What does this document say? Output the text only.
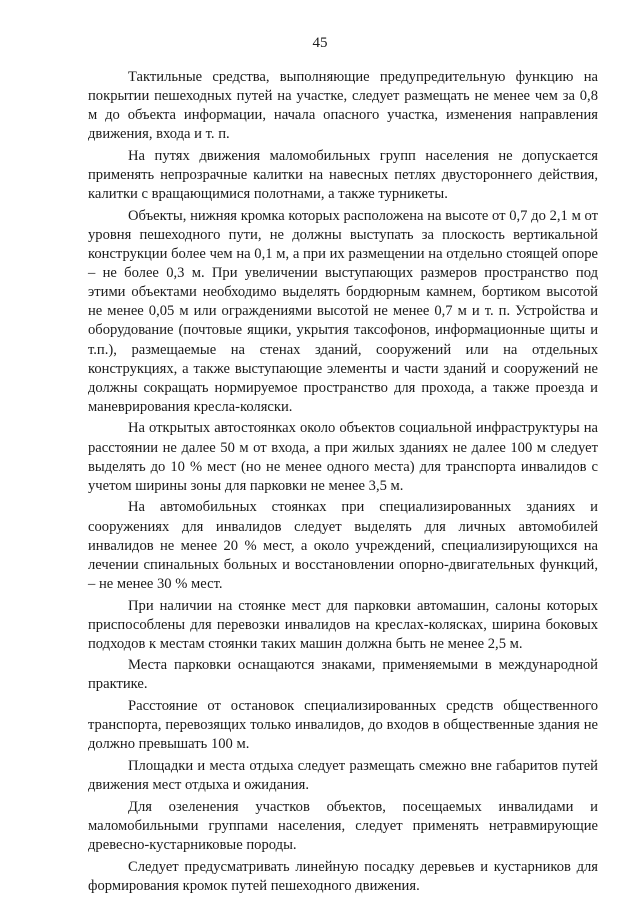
45

Тактильные средства, выполняющие предупредительную функцию на покрытии пешеходных путей на участке, следует размещать не менее чем за 0,8 м до объекта информации, начала опасного участка, изменения направления движения, входа и т. п.

На путях движения маломобильных групп населения не допускается применять непрозрачные калитки на навесных петлях двустороннего действия, калитки с вращающимися полотнами, а также турникеты.

Объекты, нижняя кромка которых расположена на высоте от 0,7 до 2,1 м от уровня пешеходного пути, не должны выступать за плоскость вертикальной конструкции более чем на 0,1 м, а при их размещении на отдельно стоящей опоре – не более 0,3 м. При увеличении выступающих размеров пространство под этими объектами необходимо выделять бордюрным камнем, бортиком высотой не менее 0,05 м или ограждениями высотой не менее 0,7 м и т. п. Устройства и оборудование (почтовые ящики, укрытия таксофонов, информационные щиты и т.п.), размещаемые на стенах зданий, сооружений или на отдельных конструкциях, а также выступающие элементы и части зданий и сооружений не должны сокращать нормируемое пространство для прохода, а также проезда и маневрирования кресла-коляски.

На открытых автостоянках около объектов социальной инфраструктуры на расстоянии не далее 50 м от входа, а при жилых зданиях не далее 100 м следует выделять до 10 % мест (но не менее одного места) для транспорта инвалидов с учетом ширины зоны для парковки не менее 3,5 м.

На автомобильных стоянках при специализированных зданиях и сооружениях для инвалидов следует выделять для личных автомобилей инвалидов не менее 20 % мест, а около учреждений, специализирующихся на лечении спинальных больных и восстановлении опорно-двигательных функций, – не менее 30 % мест.

При наличии на стоянке мест для парковки автомашин, салоны которых приспособлены для перевозки инвалидов на креслах-колясках, ширина боковых подходов к местам стоянки таких машин должна быть не менее 2,5 м.

Места парковки оснащаются знаками, применяемыми в международной практике.

Расстояние от остановок специализированных средств общественного транспорта, перевозящих только инвалидов, до входов в общественные здания не должно превышать 100 м.

Площадки и места отдыха следует размещать смежно вне габаритов путей движения мест отдыха и ожидания.

Для озеленения участков объектов, посещаемых инвалидами и маломобильными группами населения, следует применять нетравмирующие древесно-кустарниковые породы.

Следует предусматривать линейную посадку деревьев и кустарников для формирования кромок путей пешеходного движения.
